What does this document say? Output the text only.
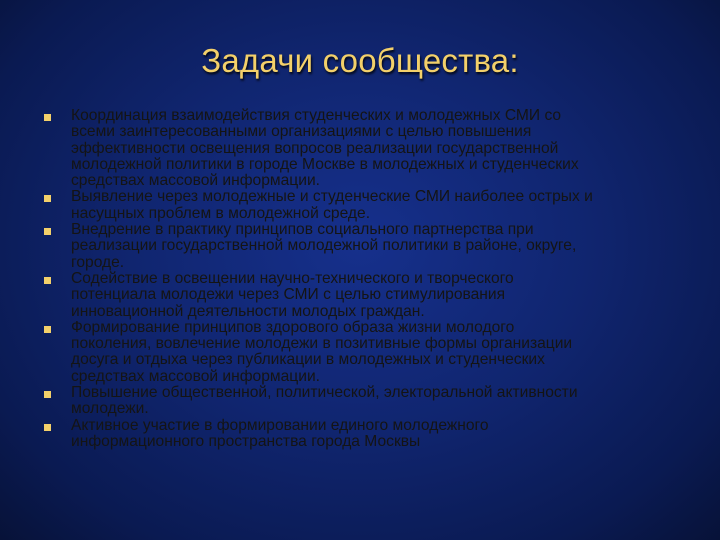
Задачи сообщества:
Координация взаимодействия студенческих и молодежных СМИ со
всеми заинтересованными организациями с целью повышения
эффективности освещения вопросов реализации государственной
молодежной политики в городе Москве в молодежных и студенческих
средствах массовой информации.
Выявление через молодежные и студенческие СМИ наиболее острых и
насущных проблем в молодежной среде.
Внедрение в практику принципов социального партнерства при
реализации государственной молодежной политики в районе, округе,
городе.
Содействие в освещении научно-технического и творческого
потенциала молодежи через СМИ с целью стимулирования
инновационной деятельности молодых граждан.
Формирование принципов здорового образа жизни молодого
поколения, вовлечение молодежи в позитивные формы организации
досуга и отдыха через публикации в молодежных и студенческих
средствах массовой информации.
Повышение общественной, политической, электоральной активности
молодежи.
Активное участие в формировании единого молодежного
информационного пространства города Москвы
